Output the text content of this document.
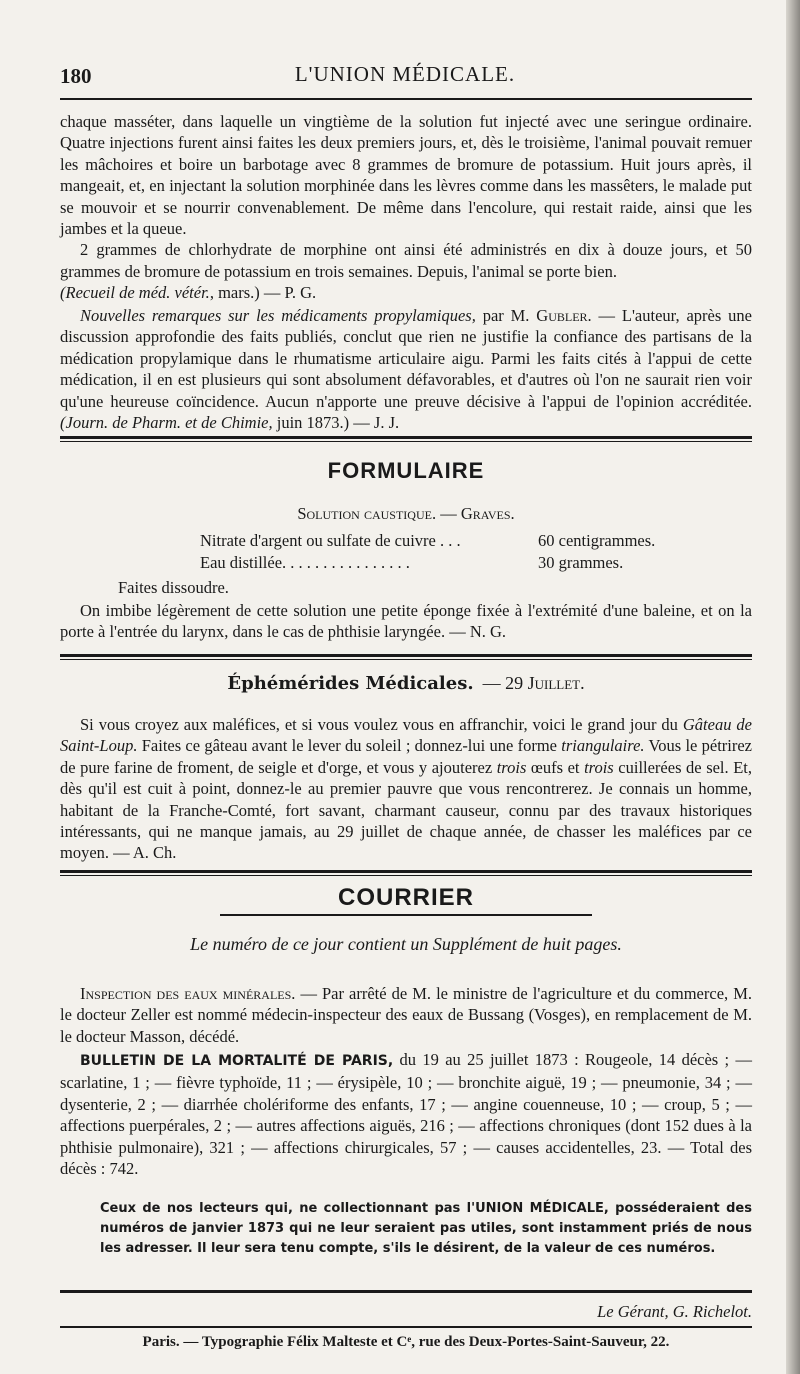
180	L'UNION MÉDICALE.

chaque masséter, dans laquelle un vingtième de la solution fut injecté avec une seringue ordinaire. Quatre injections furent ainsi faites les deux premiers jours, et, dès le troisième, l'animal pouvait remuer les mâchoires et boire un barbotage avec 8 grammes de bromure de potassium. Huit jours après, il mangeait, et, en injectant la solution morphinée dans les lèvres comme dans les massêters, le malade put se mouvoir et se nourrir convenablement. De même dans l'encolure, qui restait raide, ainsi que les jambes et la queue.

2 grammes de chlorhydrate de morphine ont ainsi été administrés en dix à douze jours, et 50 grammes de bromure de potassium en trois semaines. Depuis, l'animal se porte bien.
(Recueil de méd. vétér., mars.) — P. G.

Nouvelles remarques sur les médicaments propylamiques, par M. Gubler. — L'auteur, après une discussion approfondie des faits publiés, conclut que rien ne justifie la confiance des partisans de la médication propylamique dans le rhumatisme articulaire aigu. Parmi les faits cités à l'appui de cette médication, il en est plusieurs qui sont absolument défavorables, et d'autres où l'on ne saurait rien voir qu'une heureuse coïncidence. Aucun n'apporte une preuve décisive à l'appui de l'opinion accréditée. (Journ. de Pharm. et de Chimie, juin 1873.) — J. J.

FORMULAIRE
Solution caustique. — Graves.
Nitrate d'argent ou sulfate de cuivre . . .	60 centigrammes.
Eau distillée. . . . . . . . . . . . . . . .	30 grammes.
Faites dissoudre.

On imbibe légèrement de cette solution une petite éponge fixée à l'extrémité d'une baleine, et on la porte à l'entrée du larynx, dans le cas de phthisie laryngée. — N. G.

Éphémérides Médicales. — 29 Juillet.

Si vous croyez aux maléfices, et si vous voulez vous en affranchir, voici le grand jour du Gâteau de Saint-Loup. Faites ce gâteau avant le lever du soleil ; donnez-lui une forme triangulaire. Vous le pétrirez de pure farine de froment, de seigle et d'orge, et vous y ajouterez trois œufs et trois cuillerées de sel. Et, dès qu'il est cuit à point, donnez-le au premier pauvre que vous rencontrerez. Je connais un homme, habitant de la Franche-Comté, fort savant, charmant causeur, connu par des travaux historiques intéressants, qui ne manque jamais, au 29 juillet de chaque année, de chasser les maléfices par ce moyen. — A. Ch.

COURRIER
Le numéro de ce jour contient un Supplément de huit pages.

Inspection des eaux minérales. — Par arrêté de M. le ministre de l'agriculture et du commerce, M. le docteur Zeller est nommé médecin-inspecteur des eaux de Bussang (Vosges), en remplacement de M. le docteur Masson, décédé.

BULLETIN DE LA MORTALITÉ DE PARIS, du 19 au 25 juillet 1873 : Rougeole, 14 décès ; — scarlatine, 1 ; — fièvre typhoïde, 11 ; — érysipèle, 10 ; — bronchite aiguë, 19 ; — pneumonie, 34 ; — dysenterie, 2 ; — diarrhée cholériforme des enfants, 17 ; — angine couenneuse, 10 ; — croup, 5 ; — affections puerpérales, 2 ; — autres affections aiguës, 216 ; — affections chroniques (dont 152 dues à la phthisie pulmonaire), 321 ; — affections chirurgicales, 57 ; — causes accidentelles, 23. — Total des décès : 742.

Ceux de nos lecteurs qui, ne collectionnant pas l'UNION MÉDICALE, posséderaient des numéros de janvier 1873 qui ne leur seraient pas utiles, sont instamment priés de nous les adresser. Il leur sera tenu compte, s'ils le désirent, de la valeur de ces numéros.
Le Gérant, G. Richelot.
Paris. — Typographie Félix Malteste et Cᵉ, rue des Deux-Portes-Saint-Sauveur, 22.
